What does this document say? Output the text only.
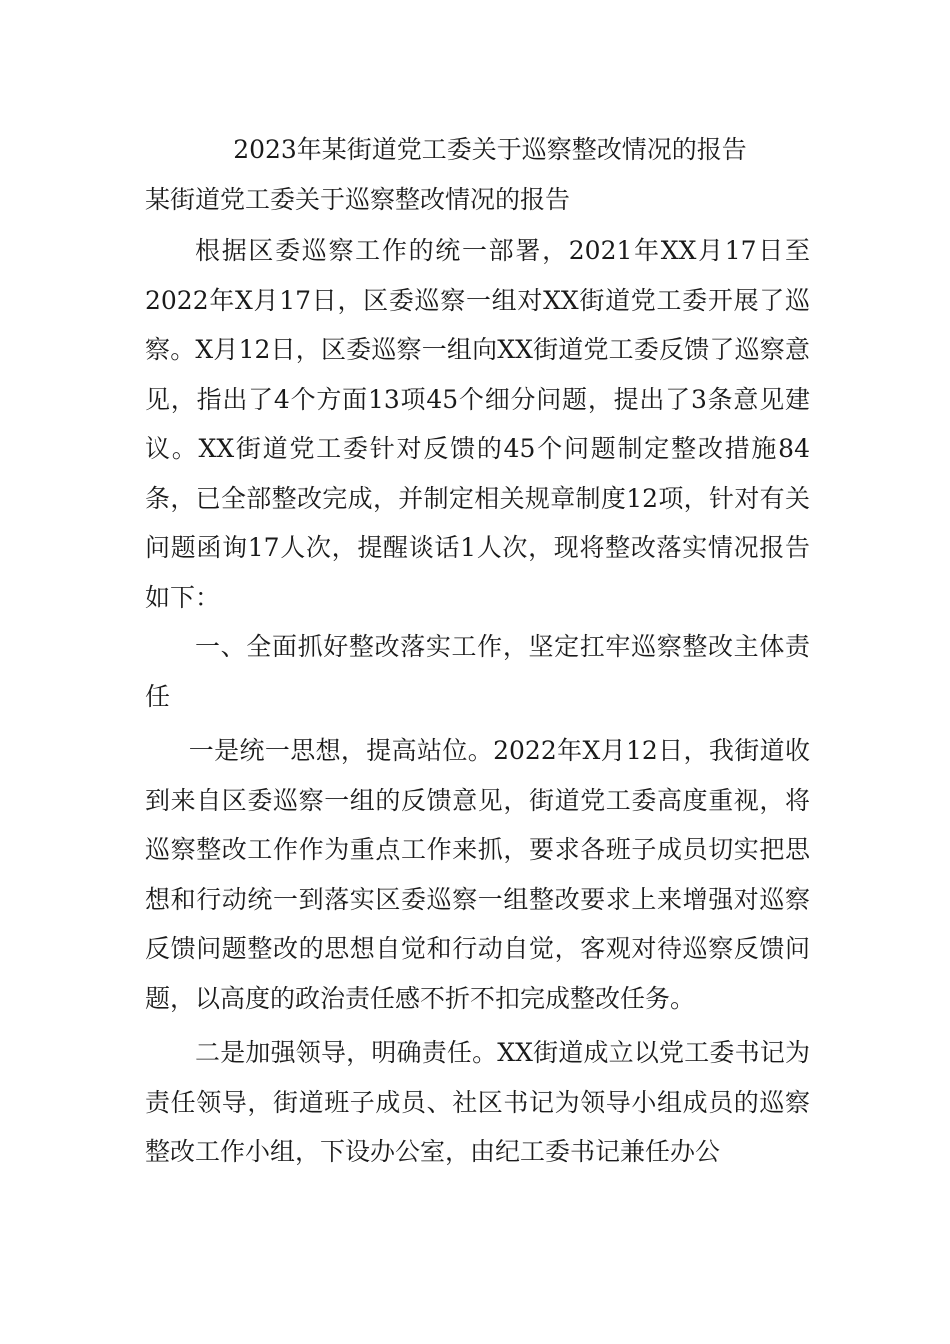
2023年某街道党工委关于巡察整改情况的报告
某街道党工委关于巡察整改情况的报告

根据区委巡察工作的统一部署，2021年XX月17日至2022年X月17日，区委巡察一组对XX街道党工委开展了巡察。X月12日，区委巡察一组向XX街道党工委反馈了巡察意见，指出了4个方面13项45个细分问题，提出了3条意见建议。XX街道党工委针对反馈的45个问题制定整改措施84条，已全部整改完成，并制定相关规章制度12项，针对有关问题函询17人次，提醒谈话1人次，现将整改落实情况报告如下：

一、全面抓好整改落实工作，坚定扛牢巡察整改主体责任

一是统一思想，提高站位。2022年X月12日，我街道收到来自区委巡察一组的反馈意见，街道党工委高度重视，将巡察整改工作作为重点工作来抓，要求各班子成员切实把思想和行动统一到落实区委巡察一组整改要求上来增强对巡察反馈问题整改的思想自觉和行动自觉，客观对待巡察反馈问题，以高度的政治责任感不折不扣完成整改任务。

二是加强领导，明确责任。XX街道成立以党工委书记为责任领导，街道班子成员、社区书记为领导小组成员的巡察整改工作小组，下设办公室，由纪工委书记兼任办公
